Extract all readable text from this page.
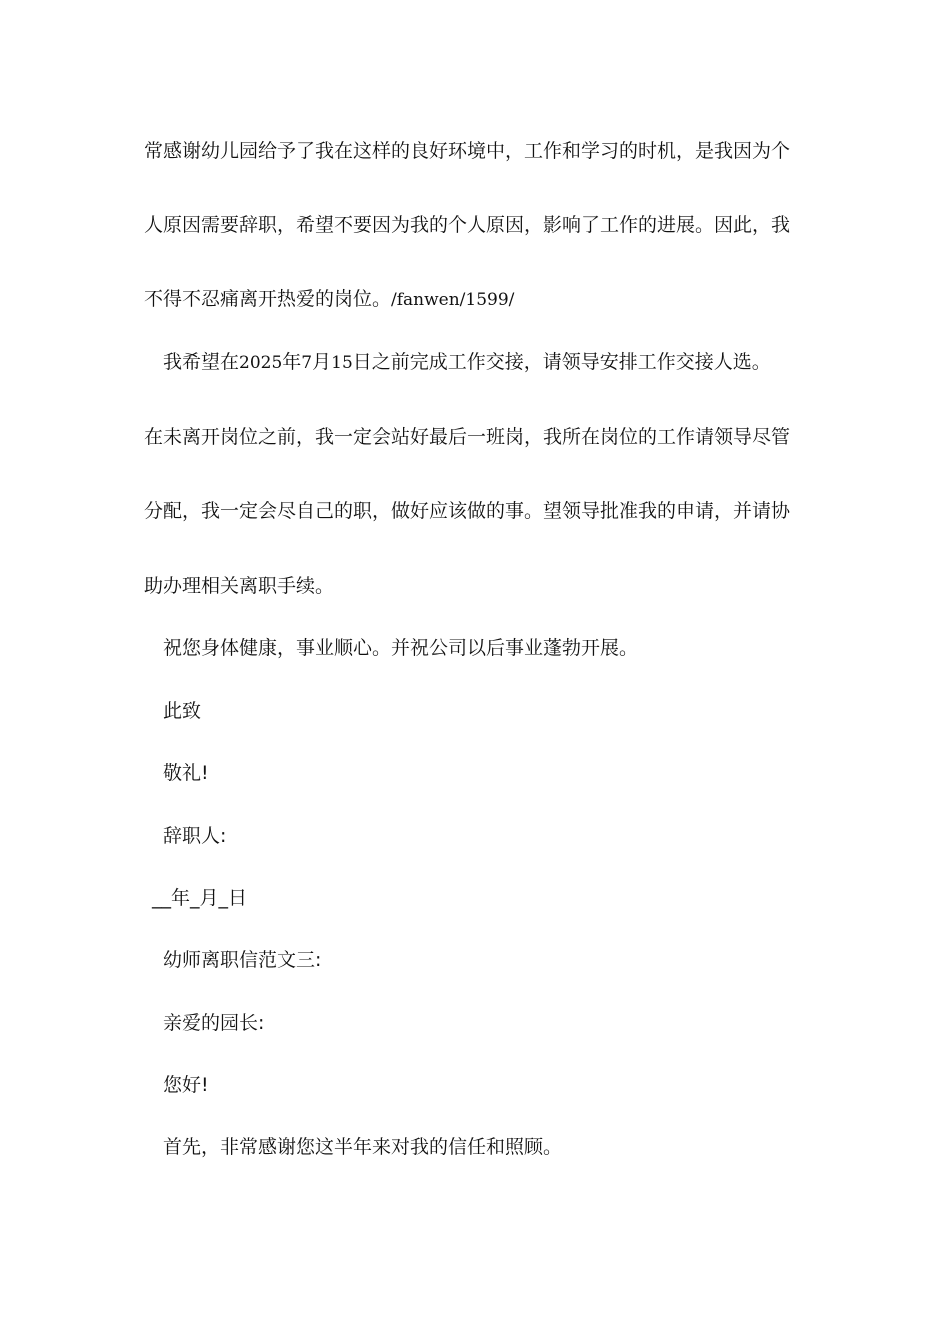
常感谢幼儿园给予了我在这样的良好环境中，工作和学习的时机，是我因为个
人原因需要辞职，希望不要因为我的个人原因，影响了工作的进展。因此，我
不得不忍痛离开热爱的岗位。/fanwen/1599/
我希望在2025年7月15日之前完成工作交接，请领导安排工作交接人选。
在未离开岗位之前，我一定会站好最后一班岗，我所在岗位的工作请领导尽管
分配，我一定会尽自己的职，做好应该做的事。望领导批准我的申请，并请协
助办理相关离职手续。
祝您身体健康，事业顺心。并祝公司以后事业蓬勃开展。
此致
敬礼!
辞职人:
__年_月_日
幼师离职信范文三:
亲爱的园长:
您好!
首先，非常感谢您这半年来对我的信任和照顾。
